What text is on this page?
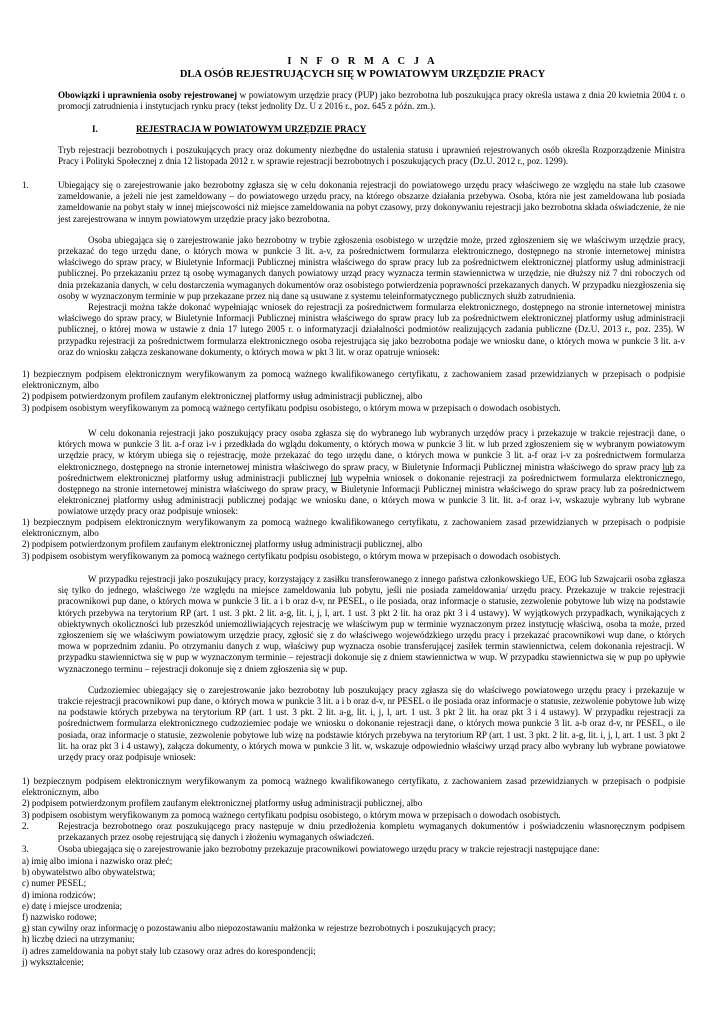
I N F O R M A C J A
DLA OSÓB REJESTRUJĄCYCH SIĘ W POWIATOWYM URZĘDZIE PRACY

Obowiązki i uprawnienia osoby rejestrowanej w powiatowym urzędzie pracy (PUP) jako bezrobotna lub poszukująca pracy określa ustawa z dnia 20 kwietnia 2004 r. o promocji zatrudnienia i instytucjach rynku pracy (tekst jednolity Dz. U z 2016 r., poz. 645 z późn. zm.).

I.	REJESTRACJA W POWIATOWYM URZĘDZIE PRACY

Tryb rejestracji bezrobotnych i poszukujących pracy oraz dokumenty niezbędne do ustalenia statusu i uprawnień rejestrowanych osób określa Rozporządzenie Ministra Pracy i Polityki Społecznej z dnia 12 listopada 2012 r. w sprawie rejestracji bezrobotnych i poszukujących pracy (Dz.U. 2012 r., poz. 1299).

1.	Ubiegający się o zarejestrowanie jako bezrobotny zgłasza się w celu dokonania rejestracji do powiatowego urzędu pracy właściwego ze względu na stałe lub czasowe zameldowanie, a jeżeli nie jest zameldowany – do powiatowego urzędu pracy, na którego obszarze działania przebywa. Osoba, która nie jest zameldowana lub posiada zameldowanie na pobyt stały w innej miejscowości niż miejsce zameldowania na pobyt czasowy, przy dokonywaniu rejestracji jako bezrobotna składa oświadczenie, że nie jest zarejestrowana w innym powiatowym urzędzie pracy jako bezrobotna.

Osoba ubiegająca się o zarejestrowanie jako bezrobotny w trybie zgłoszenia osobistego w urzędzie może, przed zgłoszeniem się we właściwym urzędzie pracy, przekazać do tego urzędu dane, o których mowa w punkcie 3 lit. a-v, za pośrednictwem formularza elektronicznego, dostępnego na stronie internetowej ministra właściwego do spraw pracy, w Biuletynie Informacji Publicznej ministra właściwego do spraw pracy lub za pośrednictwem elektronicznej platformy usług administracji publicznej. Po przekazaniu przez tą osobę wymaganych danych powiatowy urząd pracy wyznacza termin stawiennictwa w urzędzie, nie dłuższy niż 7 dni roboczych od dnia przekazania danych, w celu dostarczenia wymaganych dokumentów oraz osobistego potwierdzenia poprawności przekazanych danych. W przypadku niezgłoszenia się osoby w wyznaczonym terminie w pup przekazane przez nią dane są usuwane z systemu teleinformatycznego publicznych służb zatrudnienia.

Rejestracji można także dokonać wypełniając wniosek do rejestracji za pośrednictwem formularza elektronicznego, dostępnego na stronie internetowej ministra właściwego do spraw pracy, w Biuletynie Informacji Publicznej ministra właściwego do spraw pracy lub za pośrednictwem elektronicznej platformy usług administracji publicznej, o której mowa w ustawie z dnia 17 lutego 2005 r. o informatyzacji działalności podmiotów realizujących zadania publiczne (Dz.U. 2013 r., poz. 235). W przypadku rejestracji za pośrednictwem formularza elektronicznego osoba rejestrująca się jako bezrobotna podaje we wniosku dane, o których mowa w punkcie 3 lit. a-v oraz do wniosku załącza zeskanowane dokumenty, o których mowa w pkt 3 lit. w oraz opatruje wniosek:

1) bezpiecznym podpisem elektronicznym weryfikowanym za pomocą ważnego kwalifikowanego certyfikatu, z zachowaniem zasad przewidzianych w przepisach o podpisie elektronicznym, albo

2) podpisem potwierdzonym profilem zaufanym elektronicznej platformy usług administracji publicznej, albo

3) podpisem osobistym weryfikowanym za pomocą ważnego certyfikatu podpisu osobistego, o którym mowa w przepisach o dowodach osobistych.

W celu dokonania rejestracji jako poszukujący pracy osoba zgłasza się do wybranego lub wybranych urzędów pracy i przekazuje w trakcie rejestracji dane, o których mowa w punkcie 3 lit. a-f oraz i-v i przedkłada do wglądu dokumenty, o których mowa w punkcie 3 lit. w lub przed zgłoszeniem się w wybranym powiatowym urzędzie pracy, w którym ubiega się o rejestrację, może przekazać do tego urzędu dane, o których mowa w punkcie 3 lit. a-f oraz i-v za pośrednictwem formularza elektronicznego, dostępnego na stronie internetowej ministra właściwego do spraw pracy, w Biuletynie Informacji Publicznej ministra właściwego do spraw pracy lub za pośrednictwem elektronicznej platformy usług administracji publicznej lub wypełnia wniosek o dokonanie rejestracji za pośrednictwem formularza elektronicznego, dostępnego na stronie internetowej ministra właściwego do spraw pracy, w Biuletynie Informacji Publicznej ministra właściwego do spraw pracy lub za pośrednictwem elektronicznej platformy usług administracji publicznej podając we wniosku dane, o których mowa w punkcie 3 lit. lit. a-f oraz i-v, wskazuje wybrany lub wybrane powiatowe urzędy pracy oraz podpisuje wniosek:

1) bezpiecznym podpisem elektronicznym weryfikowanym za pomocą ważnego kwalifikowanego certyfikatu, z zachowaniem zasad przewidzianych w przepisach o podpisie elektronicznym, albo

2) podpisem potwierdzonym profilem zaufanym elektronicznej platformy usług administracji publicznej, albo

3) podpisem osobistym weryfikowanym za pomocą ważnego certyfikatu podpisu osobistego, o którym mowa w przepisach o dowodach osobistych.

W przypadku rejestracji jako poszukujący pracy, korzystający z zasiłku transferowanego z innego państwa członkowskiego UE, EOG lub Szwajcarii osoba zgłasza się tylko do jednego, właściwego /ze względu na miejsce zameldowania lub pobytu, jeśli nie posiada zameldowania/ urzędu pracy. Przekazuje w trakcie rejestracji pracownikowi pup dane, o których mowa w punkcie 3 lit. a i b oraz d-v, nr PESEL, o ile posiada, oraz informacje o statusie, zezwolenie pobytowe lub wizę na podstawie których przebywa na terytorium RP (art. 1 ust. 3 pkt. 2 lit. a-g, lit. i, j, l, art. 1 ust. 3 pkt 2 lit. ha oraz pkt 3 i 4 ustawy). W wyjątkowych przypadkach, wynikających z obiektywnych okoliczności lub przeszkód uniemożliwiających rejestrację we właściwym pup w terminie wyznaczonym przez instytucję właściwą, osoba ta może, przed zgłoszeniem się we właściwym powiatowym urzędzie pracy, zgłosić się z do właściwego wojewódzkiego urzędu pracy i przekazać pracownikowi wup dane, o których mowa w poprzednim zdaniu. Po otrzymaniu danych z wup, właściwy pup wyznacza osobie transferującej zasiłek termin stawiennictwa, celem dokonania rejestracji. W przypadku stawiennictwa się w pup w wyznaczonym terminie – rejestracji dokonuje się z dniem stawiennictwa w wup. W przypadku stawiennictwa się w pup po upływie wyznaczonego terminu – rejestracji dokonuje się z dniem zgłoszenia się w pup.

Cudzoziemiec ubiegający się o zarejestrowanie jako bezrobotny lub poszukujący pracy zgłasza się do właściwego powiatowego urzędu pracy i przekazuje w trakcie rejestracji pracownikowi pup dane, o których mowa w punkcie 3 lit. a i b oraz d-v, nr PESEL o ile posiada oraz informacje o statusie, zezwolenie pobytowe lub wizę na podstawie których przebywa na terytorium RP (art. 1 ust. 3 pkt. 2 lit. a-g, lit. i, j, l, art. 1 ust. 3 pkt 2 lit. ha oraz pkt 3 i 4 ustawy). W przypadku rejestracji za pośrednictwem formularza elektronicznego cudzoziemiec podaje we wniosku o dokonanie rejestracji dane, o których mowa punkcie 3 lit. a-b oraz d-v, nr PESEL, o ile posiada, oraz informacje o statusie, zezwolenie pobytowe lub wizę na podstawie których przebywa na terytorium RP (art. 1 ust. 3 pkt. 2 lit. a-g, lit. i, j, l, art. 1 ust. 3 pkt 2 lit. ha oraz pkt 3 i 4 ustawy), załącza dokumenty, o których mowa w punkcie 3 lit. w, wskazuje odpowiednio właściwy urząd pracy albo wybrany lub wybrane powiatowe urzędy pracy oraz podpisuje wniosek:

1) bezpiecznym podpisem elektronicznym weryfikowanym za pomocą ważnego kwalifikowanego certyfikatu, z zachowaniem zasad przewidzianych w przepisach o podpisie elektronicznym, albo

2) podpisem potwierdzonym profilem zaufanym elektronicznej platformy usług administracji publicznej, albo

3) podpisem osobistym weryfikowanym za pomocą ważnego certyfikatu podpisu osobistego, o którym mowa w przepisach o dowodach osobistych.

2.	Rejestracja bezrobotnego oraz poszukującego pracy następuje w dniu przedłożenia kompletu wymaganych dokumentów i poświadczeniu własnoręcznym podpisem przekazanych przez osobę rejestrującą się danych i złożeniu wymaganych oświadczeń.

3.	Osoba ubiegająca się o zarejestrowanie jako bezrobotny przekazuje pracownikowi powiatowego urzędu pracy w trakcie rejestracji następujące dane:

a) imię albo imiona i nazwisko oraz płeć;

b) obywatelstwo albo obywatelstwa;

c) numer PESEL;

d) imiona rodziców;

e) datę i miejsce urodzenia;

f) nazwisko rodowe;

g) stan cywilny oraz informację o pozostawaniu albo niepozostawaniu małżonka w rejestrze bezrobotnych i poszukujących pracy;

h) liczbę dzieci na utrzymaniu;

i) adres zameldowania na pobyt stały lub czasowy oraz adres do korespondencji;

j) wykształcenie;
